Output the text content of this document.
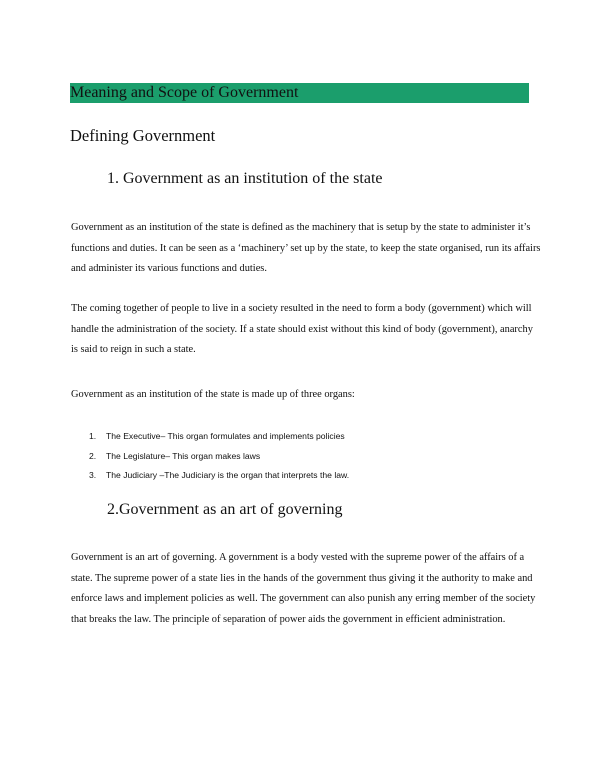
Meaning and Scope of Government
Defining Government
1. Government as an institution of the state

Government as an institution of the state is defined as the machinery that is setup by the state to administer it’s functions and duties. It can be seen as a ‘machinery’ set up by the state, to keep the state organised, run its affairs and administer its various functions and duties.

The coming together of people to live in a society resulted in the need to form a body (government) which will handle the administration of the society. If a state should exist without this kind of body (government), anarchy is said to reign in such a state.

Government as an institution of the state is made up of three organs:

1. The Executive– This organ formulates and implements policies
2. The Legislature– This organ makes laws
3. The Judiciary –The Judiciary is the organ that interprets the law.
2.Government as an art of governing

Government is an art of governing. A government is a body vested with the supreme power of the affairs of a state. The supreme power of a state lies in the hands of the government thus giving it the authority to make and enforce laws and implement policies as well. The government can also punish any erring member of the society that breaks the law. The principle of separation of power aids the government in efficient administration.
